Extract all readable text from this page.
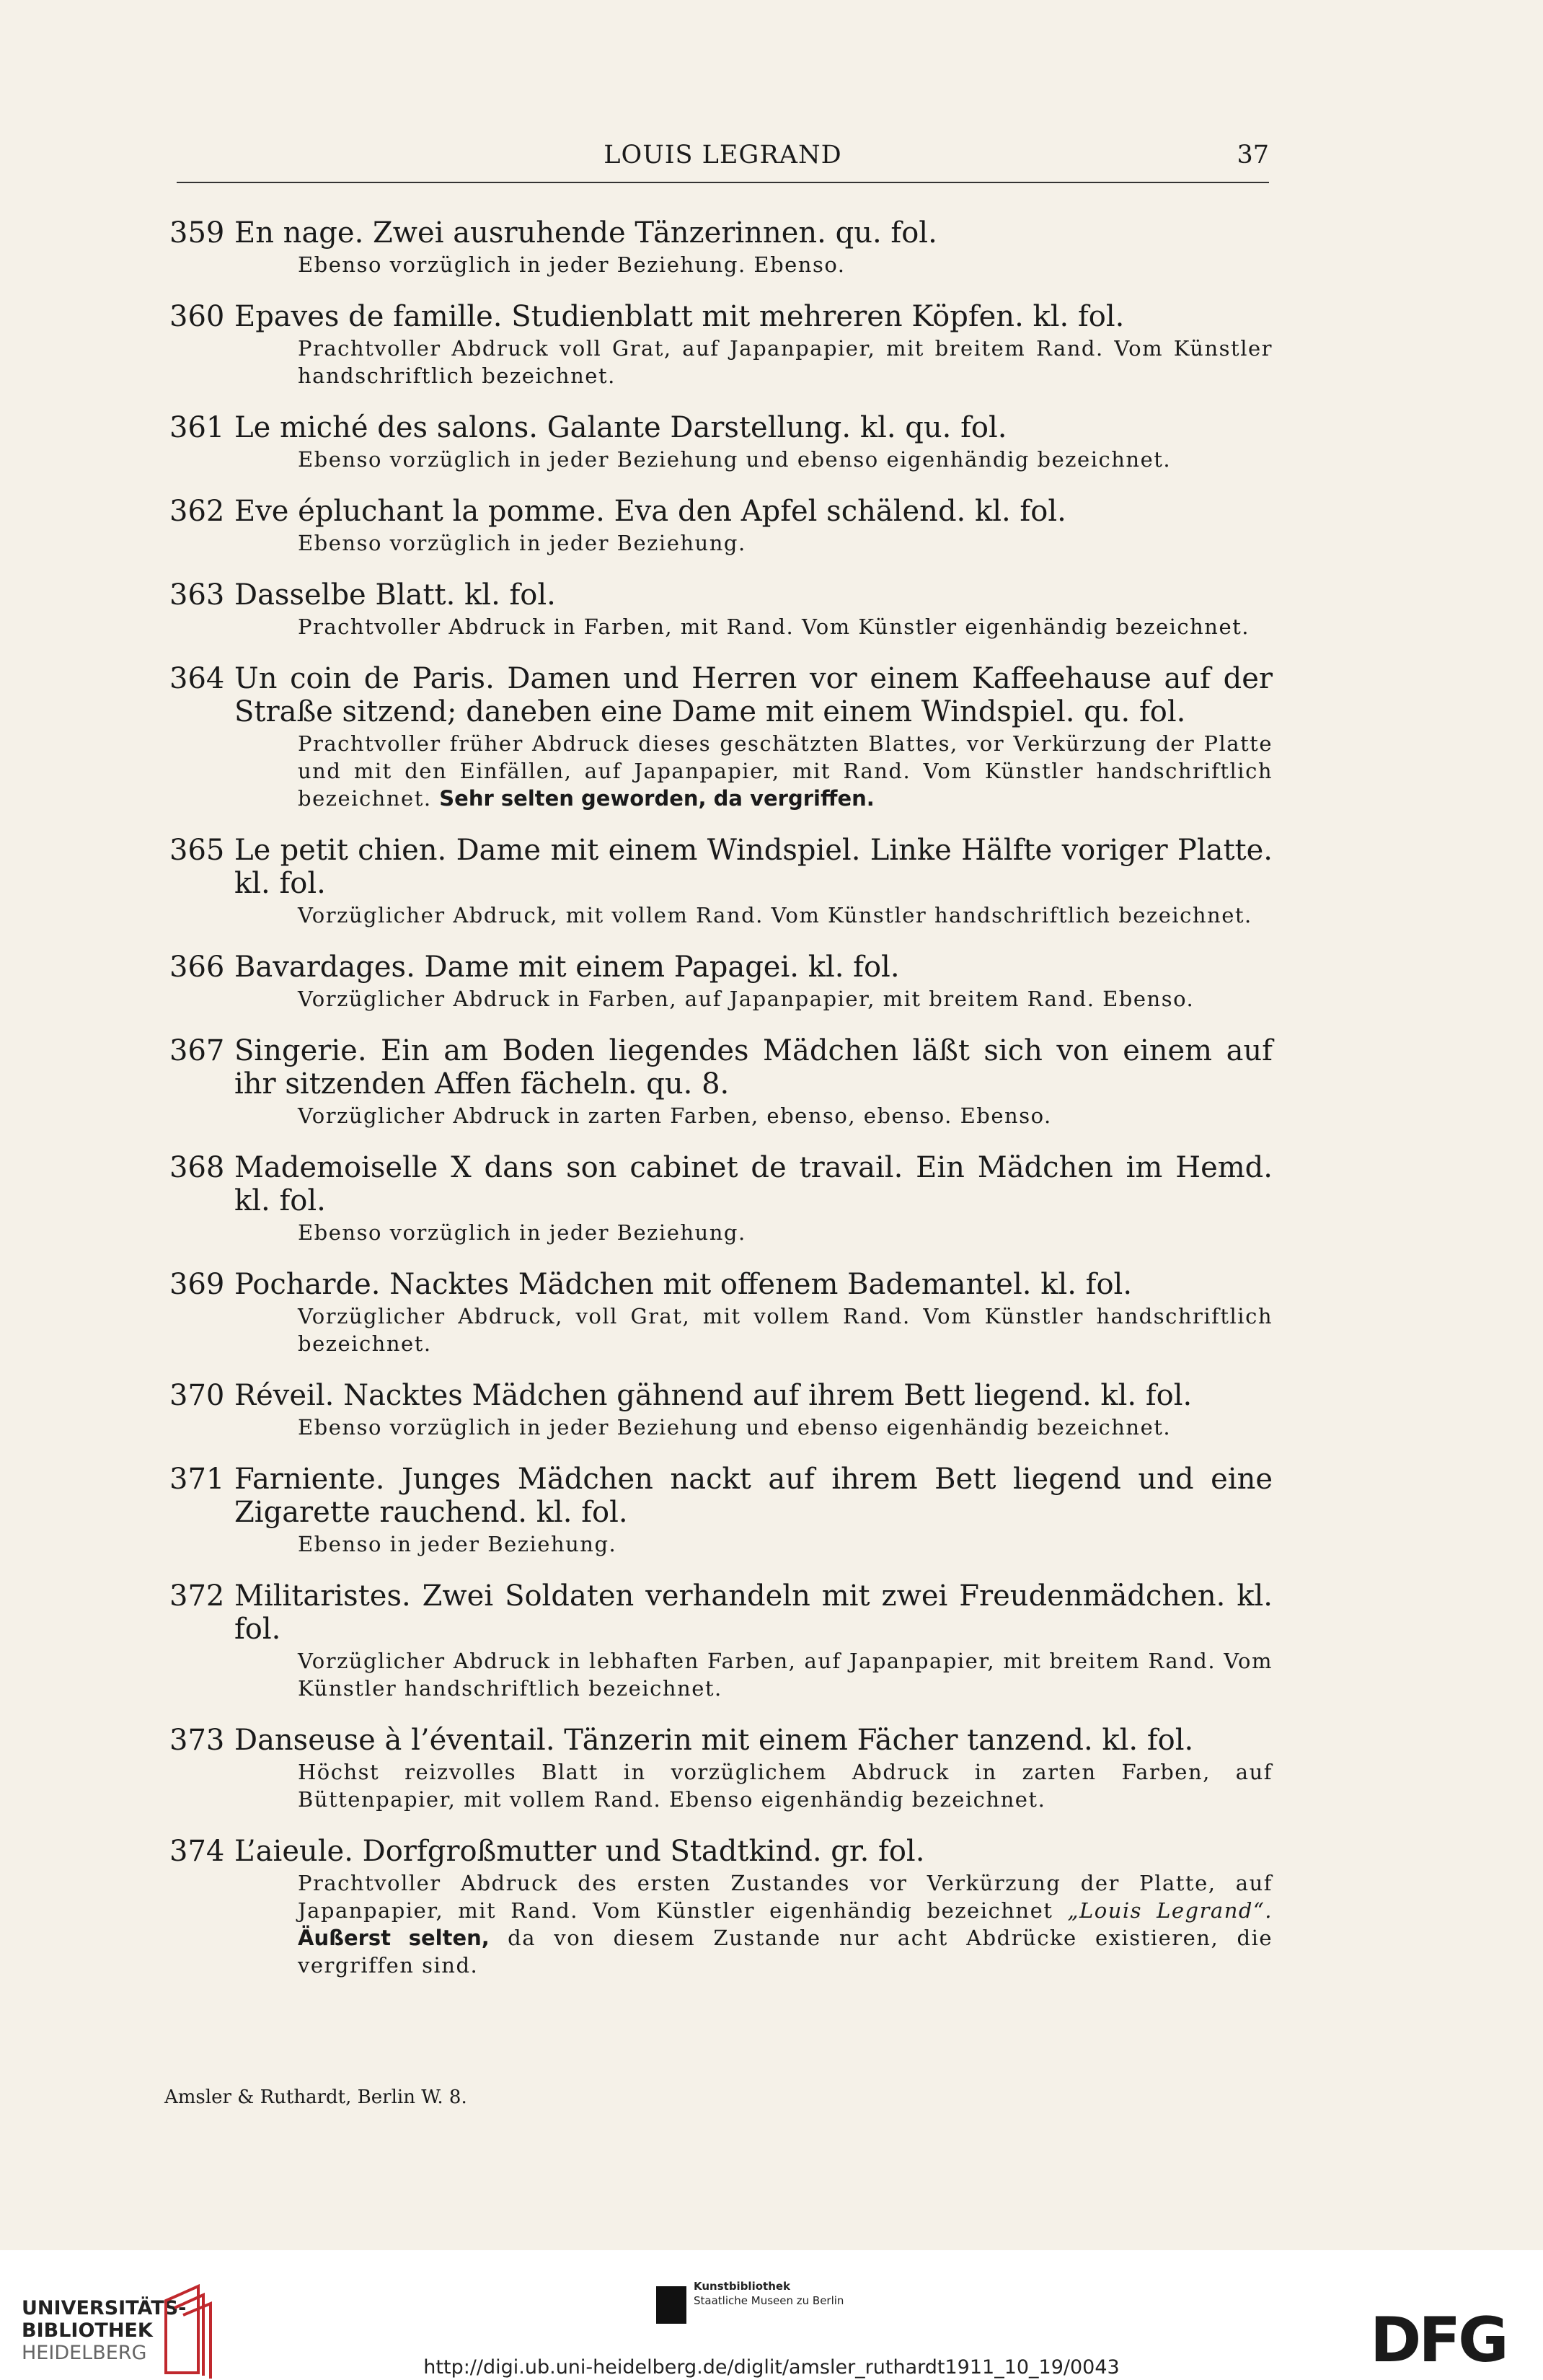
LOUIS LEGRAND	37
359 En nage. Zwei ausruhende Tänzerinnen. qu. fol.
Ebenso vorzüglich in jeder Beziehung. Ebenso.
360 Epaves de famille. Studienblatt mit mehreren Köpfen. kl. fol.
Prachtvoller Abdruck voll Grat, auf Japanpapier, mit breitem Rand. Vom Künstler handschriftlich bezeichnet.
361 Le miché des salons. Galante Darstellung. kl. qu. fol.
Ebenso vorzüglich in jeder Beziehung und ebenso eigenhändig bezeichnet.
362 Eve épluchant la pomme. Eva den Apfel schälend. kl. fol.
Ebenso vorzüglich in jeder Beziehung.
363 Dasselbe Blatt. kl. fol.
Prachtvoller Abdruck in Farben, mit Rand. Vom Künstler eigenhändig bezeichnet.
364 Un coin de Paris. Damen und Herren vor einem Kaffeehause auf der Straße sitzend; daneben eine Dame mit einem Windspiel. qu. fol.
Prachtvoller früher Abdruck dieses geschätzten Blattes, vor Verkürzung der Platte und mit den Einfällen, auf Japanpapier, mit Rand. Vom Künstler handschriftlich bezeichnet. Sehr selten geworden, da vergriffen.
365 Le petit chien. Dame mit einem Windspiel. Linke Hälfte voriger Platte. kl. fol.
Vorzüglicher Abdruck, mit vollem Rand. Vom Künstler handschriftlich bezeichnet.
366 Bavardages. Dame mit einem Papagei. kl. fol.
Vorzüglicher Abdruck in Farben, auf Japanpapier, mit breitem Rand. Ebenso.
367 Singerie. Ein am Boden liegendes Mädchen läßt sich von einem auf ihr sitzenden Affen fächeln. qu. 8.
Vorzüglicher Abdruck in zarten Farben, ebenso, ebenso. Ebenso.
368 Mademoiselle X dans son cabinet de travail. Ein Mädchen im Hemd. kl. fol.
Ebenso vorzüglich in jeder Beziehung.
369 Pocharde. Nacktes Mädchen mit offenem Bademantel. kl. fol.
Vorzüglicher Abdruck, voll Grat, mit vollem Rand. Vom Künstler handschriftlich bezeichnet.
370 Réveil. Nacktes Mädchen gähnend auf ihrem Bett liegend. kl. fol.
Ebenso vorzüglich in jeder Beziehung und ebenso eigenhändig bezeichnet.
371 Farniente. Junges Mädchen nackt auf ihrem Bett liegend und eine Zigarette rauchend. kl. fol.
Ebenso in jeder Beziehung.
372 Militaristes. Zwei Soldaten verhandeln mit zwei Freudenmädchen. kl. fol.
Vorzüglicher Abdruck in lebhaften Farben, auf Japanpapier, mit breitem Rand. Vom Künstler handschriftlich bezeichnet.
373 Danseuse à l’éventail. Tänzerin mit einem Fächer tanzend. kl. fol.
Höchst reizvolles Blatt in vorzüglichem Abdruck in zarten Farben, auf Büttenpapier, mit vollem Rand. Ebenso eigenhändig bezeichnet.
374 L’aieule. Dorfgroßmutter und Stadtkind. gr. fol.
Prachtvoller Abdruck des ersten Zustandes vor Verkürzung der Platte, auf Japanpapier, mit Rand. Vom Künstler eigenhändig bezeichnet „Louis Legrand“. Äußerst selten, da von diesem Zustande nur acht Abdrücke existieren, die vergriffen sind.
Amsler & Ruthardt, Berlin W. 8.
UNIVERSITÄTS-
BIBLIOTHEK
HEIDELBERG
Kunstbibliothek
Staatliche Museen zu Berlin
DFG
http://digi.ub.uni-heidelberg.de/diglit/amsler_ruthardt1911_10_19/0043
